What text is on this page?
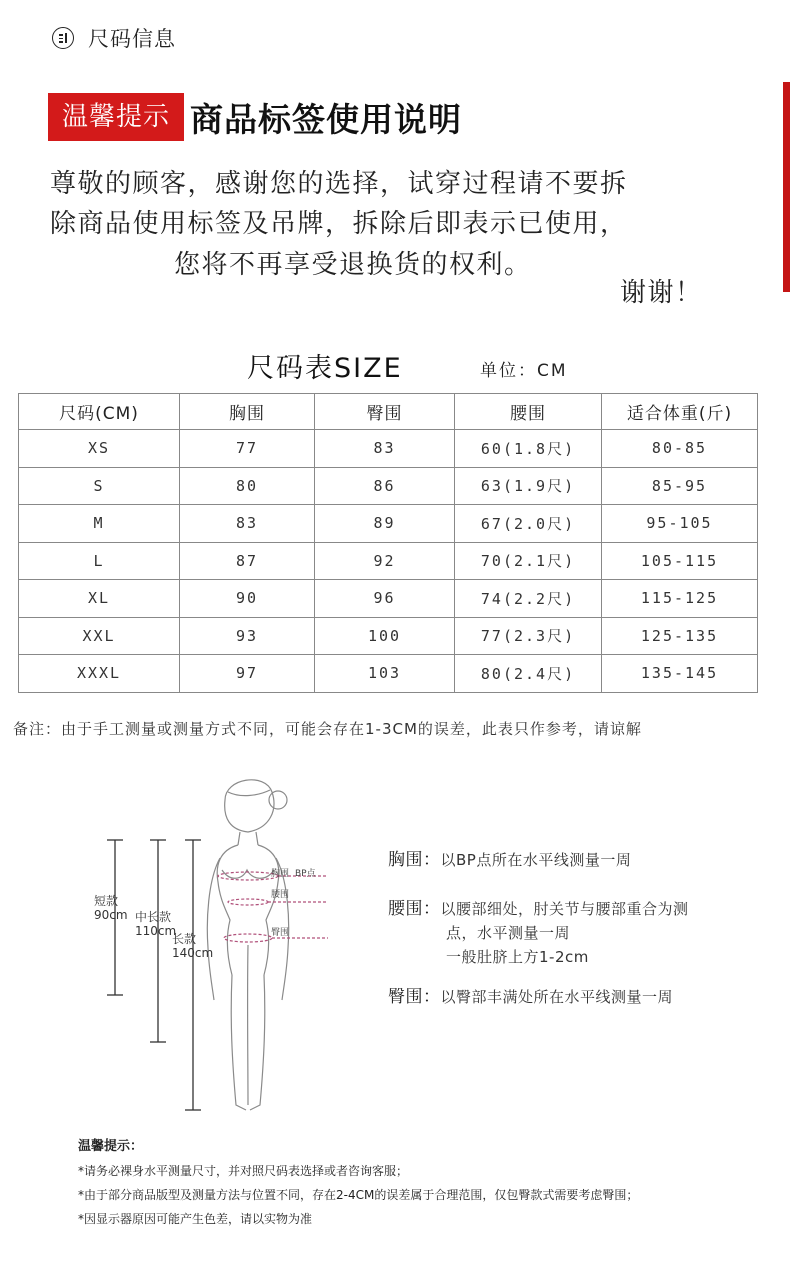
尺码信息
温馨提示 商品标签使用说明
尊敬的顾客，感谢您的选择，试穿过程请不要拆
除商品使用标签及吊牌，拆除后即表示已使用，
您将不再享受退换货的权利。
谢谢！
尺码表SIZE	单位：CM
尺码(CM)	胸围	臀围	腰围	适合体重(斤)
XS	77	83	60(1.8尺)	80-85
S	80	86	63(1.9尺)	85-95
M	83	89	67(2.0尺)	95-105
L	87	92	70(2.1尺)	105-115
XL	90	96	74(2.2尺)	115-125
XXL	93	100	77(2.3尺)	125-135
XXXL	97	103	80(2.4尺)	135-145
备注：由于手工测量或测量方式不同，可能会存在1-3CM的误差，此表只作参考，请谅解
胸围 BP点
腰围
臀围
短款
90cm 中长款
110cm
长款
140cm
胸围：以BP点所在水平线测量一周
腰围：以腰部细处，肘关节与腰部重合为测
点，水平测量一周
一般肚脐上方1-2cm
臀围：以臀部丰满处所在水平线测量一周
温馨提示：
*请务必裸身水平测量尺寸，并对照尺码表选择或者咨询客服；
*由于部分商品版型及测量方法与位置不同，存在2-4CM的误差属于合理范围，仅包臀款式需要考虑臀围；
*因显示器原因可能产生色差，请以实物为准
